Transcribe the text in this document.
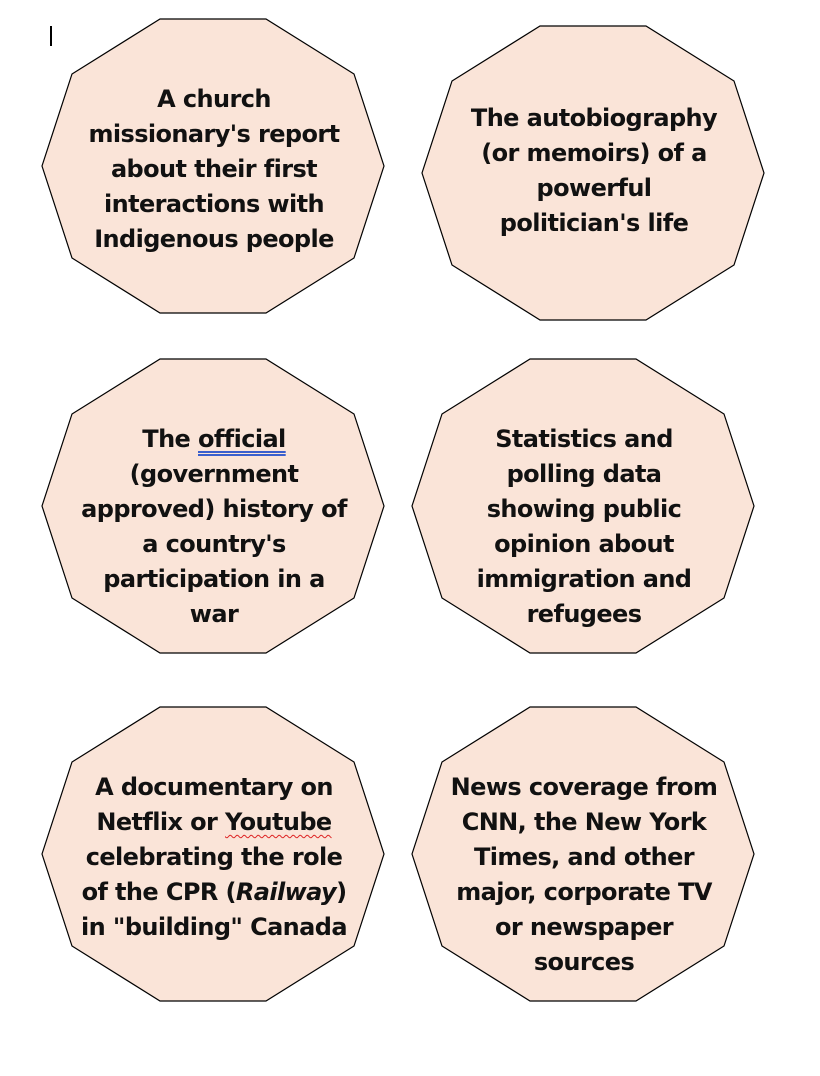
A church missionary's report about their first interactions with Indigenous people
The autobiography (or memoirs) of a powerful politician's life
The official (government approved) history of a country's participation in a war
Statistics and polling data showing public opinion about immigration and refugees
A documentary on Netflix or Youtube celebrating the role of the CPR (Railway) in "building" Canada
News coverage from CNN, the New York Times, and other major, corporate TV or newspaper sources
